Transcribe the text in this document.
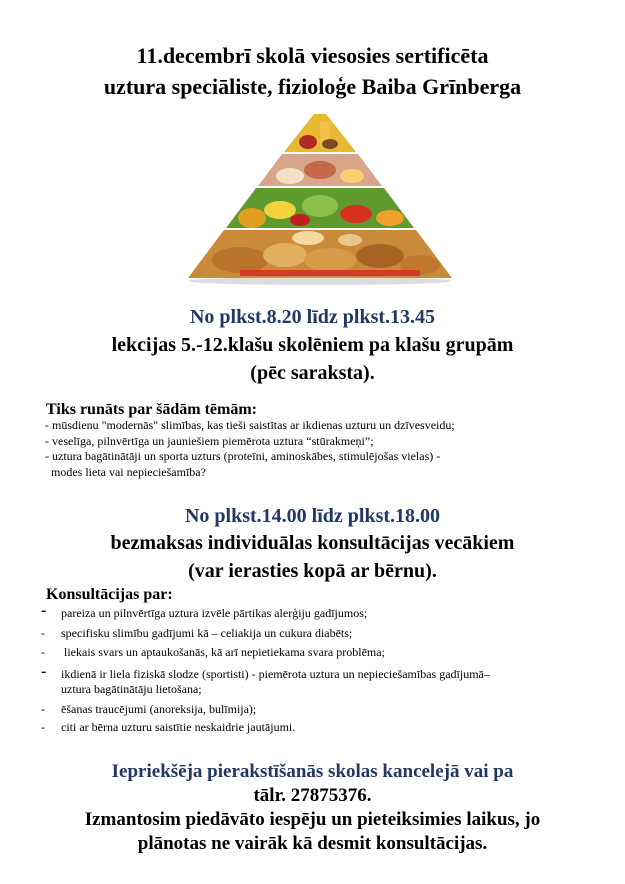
11.decembrī skolā viesosies sertificēta
uztura speciāliste, fizioloģe Baiba Grīnberga
No plkst.8.20 līdz plkst.13.45
lekcijas 5.-12.klašu skolēniem pa klašu grupām
(pēc saraksta).
Tiks runāts par šādām tēmām:
- mūsdienu "modernās" slimības, kas tieši saistītas ar ikdienas uzturu un dzīvesveidu;
- veselīga, pilnvērtīga un jauniešiem piemērota uztura “stūrakmeņi”;
- uztura bagātinātāji un sporta uzturs (proteīni, aminoskābes, stimulējošas vielas) -
modes lieta vai nepieciešamība?
No plkst.14.00 līdz plkst.18.00
bezmaksas individuālas konsultācijas vecākiem
(var ierasties kopā ar bērnu).
Konsultācijas par:
- pareiza un pilnvērtīga uztura izvēle pārtikas alerģiju gadījumos;
- specifisku slimību gadījumi kā – celiakija un cukura diabēts;
- liekais svars un aptaukošanās, kā arī nepietiekama svara problēma;
- ikdienā ir liela fiziskā slodze (sportisti) - piemērota uztura un nepieciešamības gadījumā–
uztura bagātinātāju lietošana;
- ēšanas traucējumi (anoreksija, bulīmija);
- citi ar bērna uzturu saistītie neskaidrie jautājumi.
Iepriekšēja pierakstīšanās skolas kancelejā vai pa
tālr. 27875376.
Izmantosim piedāvāto iespēju un pieteiksimies laikus, jo
plānotas ne vairāk kā desmit konsultācijas.
